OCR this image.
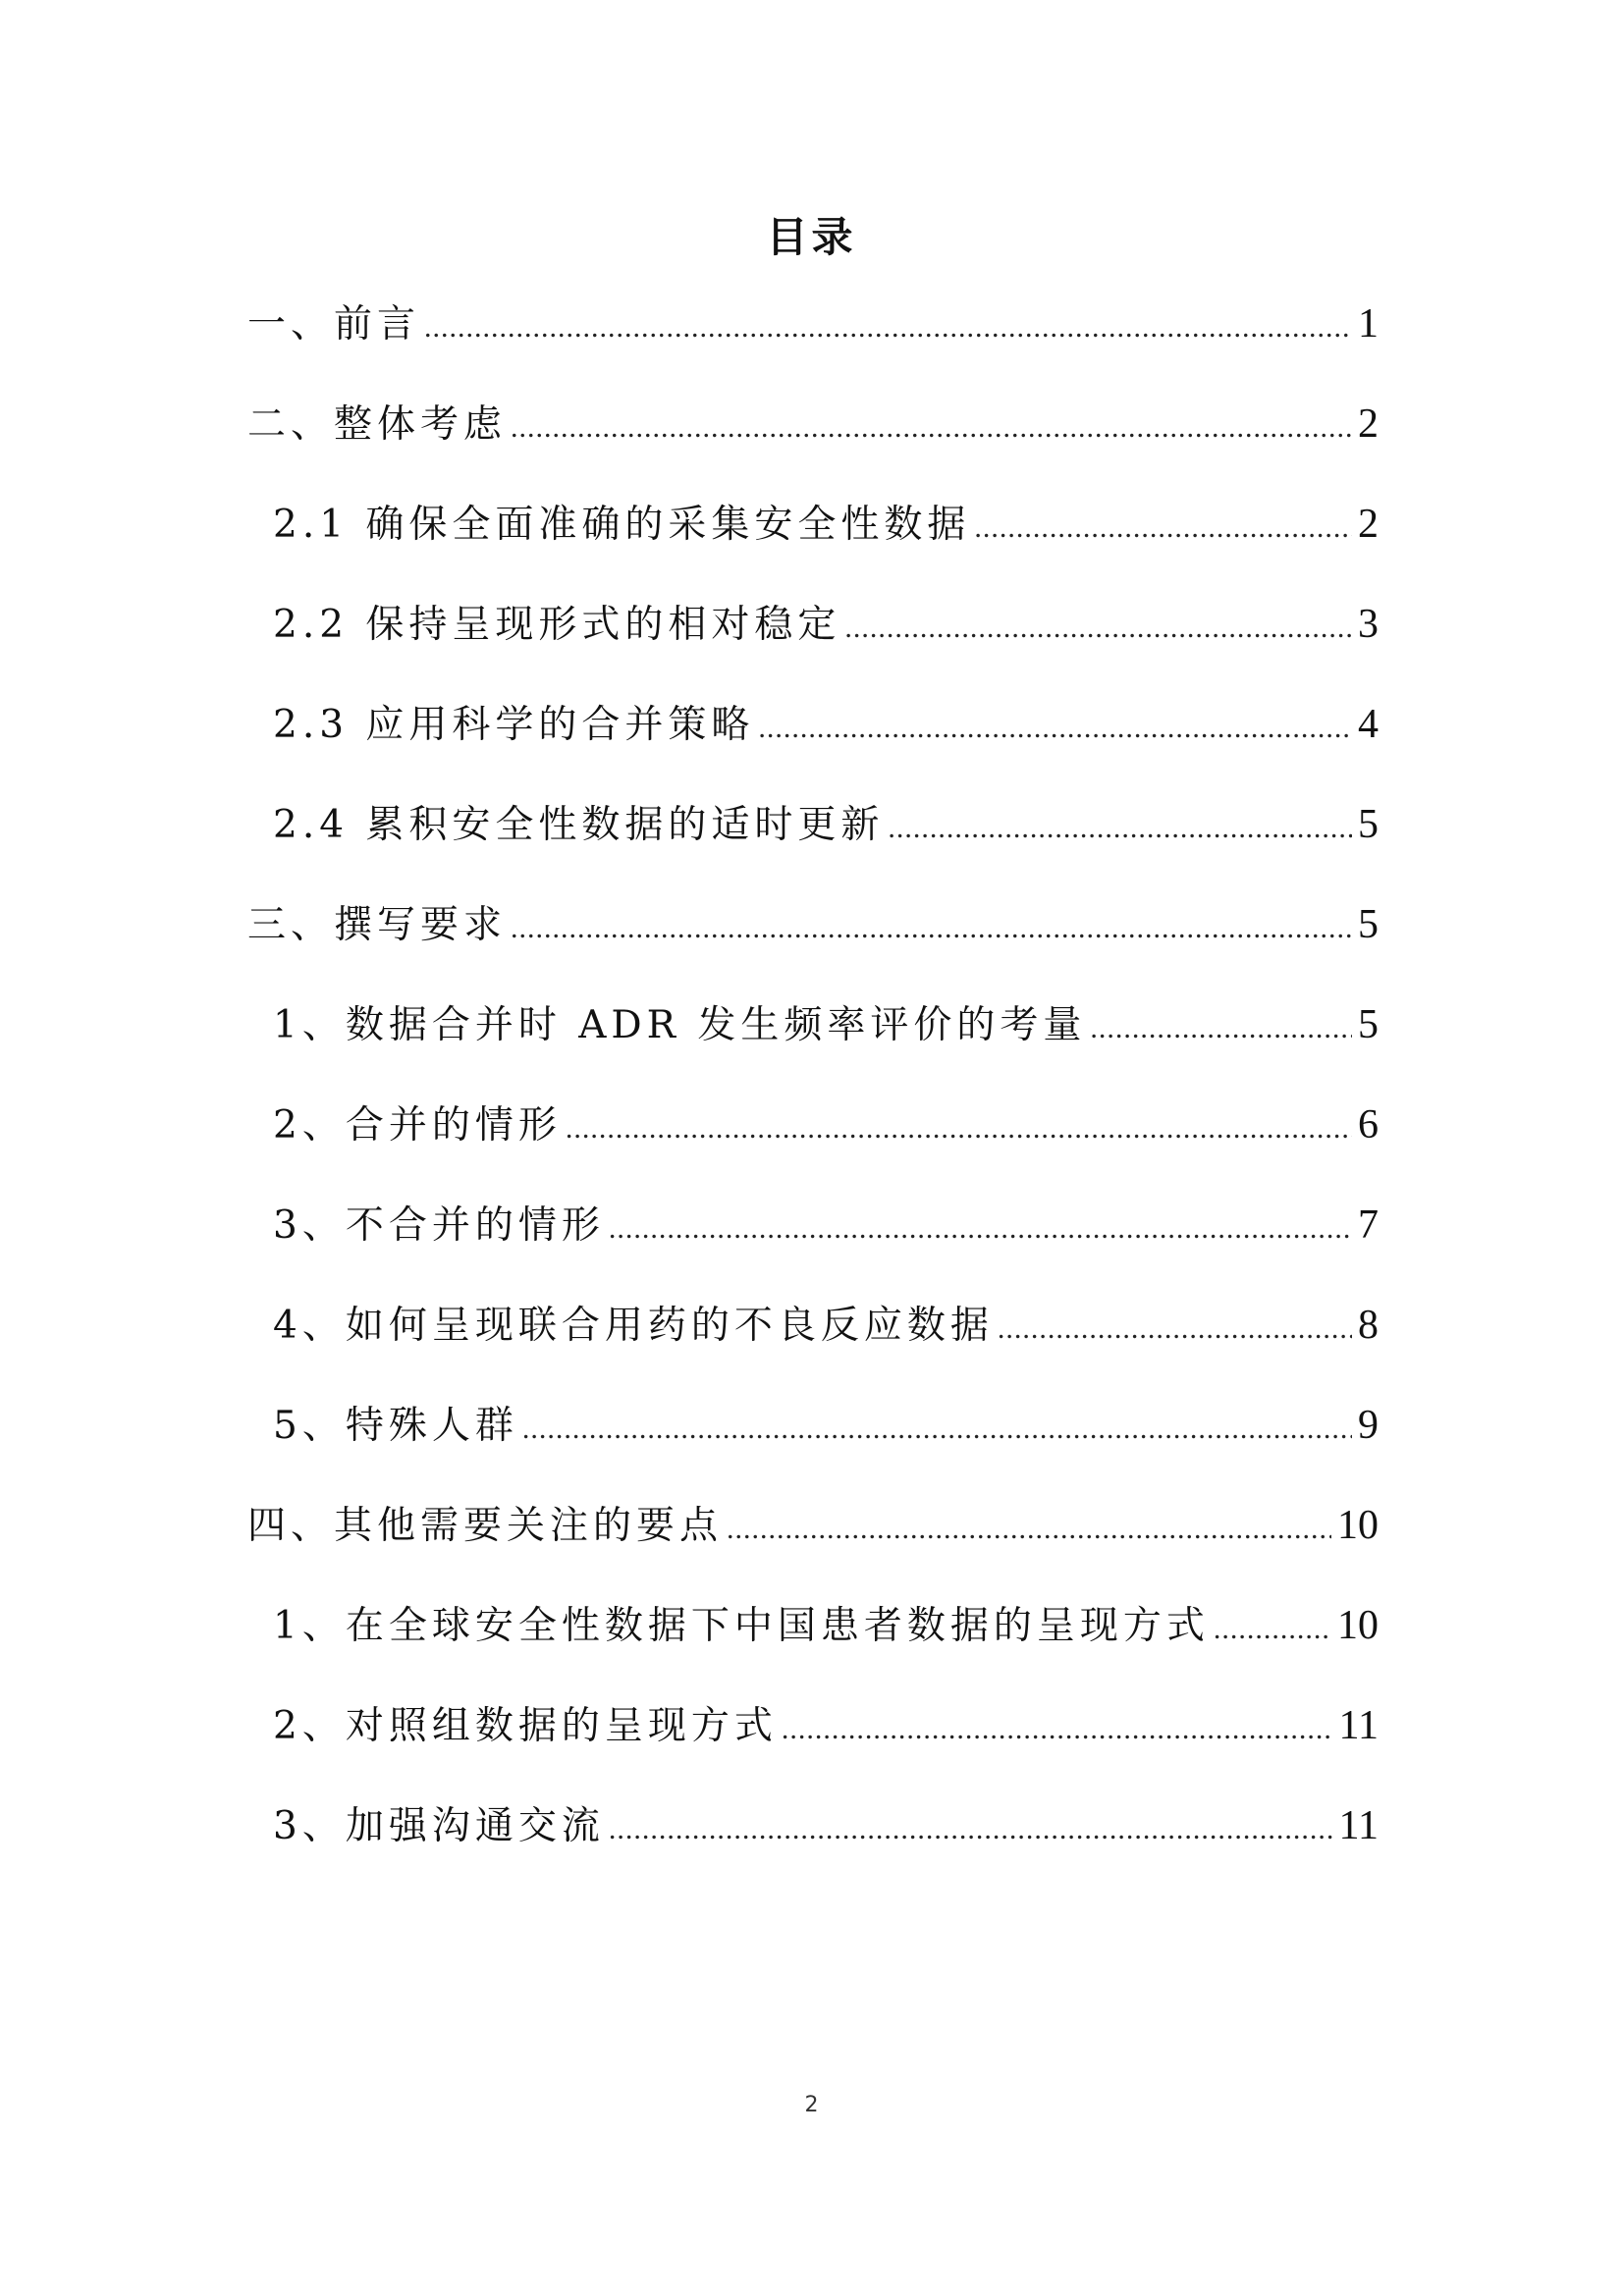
目录
一、前言 .....	1
二、整体考虑 .....	2
2.1 确保全面准确的采集安全性数据 .....	2
2.2 保持呈现形式的相对稳定 .....	3
2.3 应用科学的合并策略 .....	4
2.4 累积安全性数据的适时更新 .....	5
三、撰写要求 .....	5
1、数据合并时 ADR 发生频率评价的考量 .....	5
2、合并的情形 .....	6
3、不合并的情形 .....	7
4、如何呈现联合用药的不良反应数据 .....	8
5、特殊人群 .....	9
四、其他需要关注的要点 .....	10
1、在全球安全性数据下中国患者数据的呈现方式 .....	10
2、对照组数据的呈现方式 .....	11
3、加强沟通交流 .....	11
2
